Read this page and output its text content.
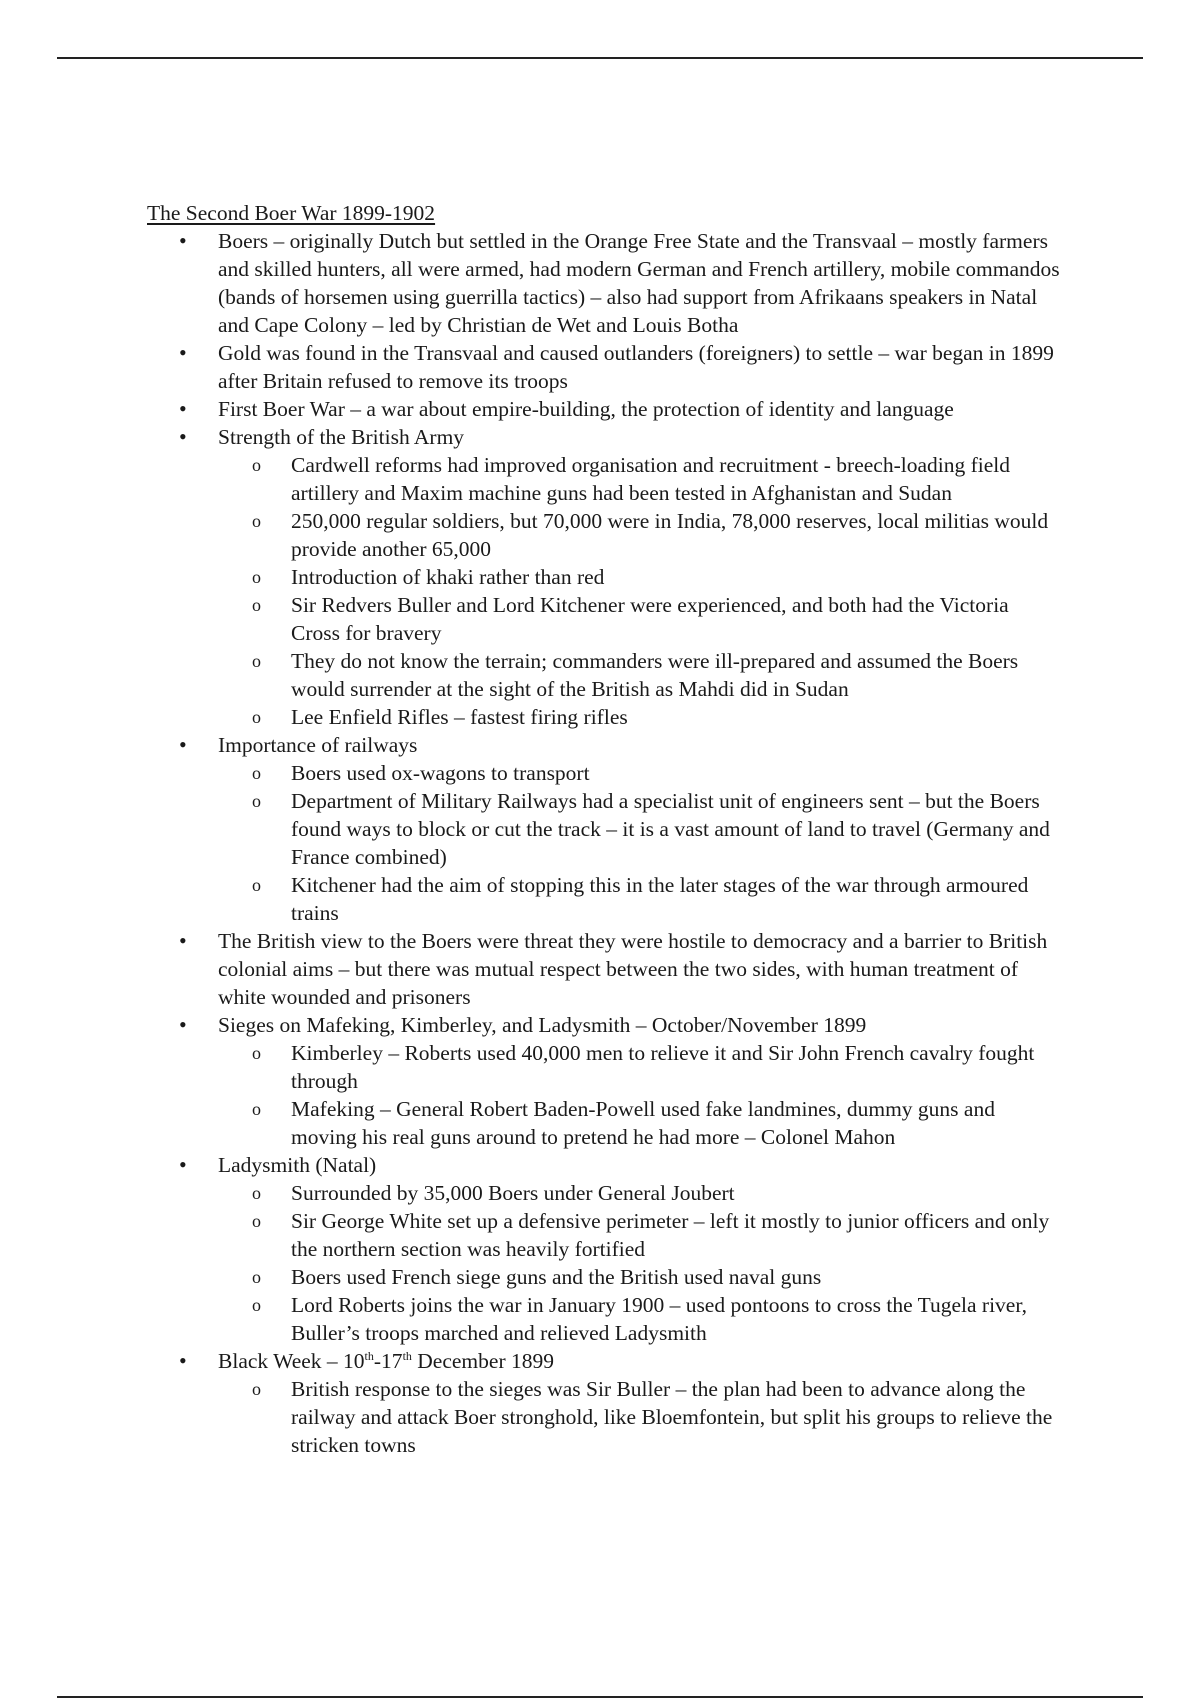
The Second Boer War 1899-1902
• Boers – originally Dutch but settled in the Orange Free State and the Transvaal – mostly farmers and skilled hunters, all were armed, had modern German and French artillery, mobile commandos (bands of horsemen using guerrilla tactics) – also had support from Afrikaans speakers in Natal and Cape Colony – led by Christian de Wet and Louis Botha
• Gold was found in the Transvaal and caused outlanders (foreigners) to settle – war began in 1899 after Britain refused to remove its troops
• First Boer War – a war about empire-building, the protection of identity and language
• Strength of the British Army
o Cardwell reforms had improved organisation and recruitment - breech-loading field artillery and Maxim machine guns had been tested in Afghanistan and Sudan
o 250,000 regular soldiers, but 70,000 were in India, 78,000 reserves, local militias would provide another 65,000
o Introduction of khaki rather than red
o Sir Redvers Buller and Lord Kitchener were experienced, and both had the Victoria Cross for bravery
o They do not know the terrain; commanders were ill-prepared and assumed the Boers would surrender at the sight of the British as Mahdi did in Sudan
o Lee Enfield Rifles – fastest firing rifles
• Importance of railways
o Boers used ox-wagons to transport
o Department of Military Railways had a specialist unit of engineers sent – but the Boers found ways to block or cut the track – it is a vast amount of land to travel (Germany and France combined)
o Kitchener had the aim of stopping this in the later stages of the war through armoured trains
• The British view to the Boers were threat they were hostile to democracy and a barrier to British colonial aims – but there was mutual respect between the two sides, with human treatment of white wounded and prisoners
• Sieges on Mafeking, Kimberley, and Ladysmith – October/November 1899
o Kimberley – Roberts used 40,000 men to relieve it and Sir John French cavalry fought through
o Mafeking – General Robert Baden-Powell used fake landmines, dummy guns and moving his real guns around to pretend he had more – Colonel Mahon
• Ladysmith (Natal)
o Surrounded by 35,000 Boers under General Joubert
o Sir George White set up a defensive perimeter – left it mostly to junior officers and only the northern section was heavily fortified
o Boers used French siege guns and the British used naval guns
o Lord Roberts joins the war in January 1900 – used pontoons to cross the Tugela river, Buller’s troops marched and relieved Ladysmith
• Black Week – 10th-17th December 1899
o British response to the sieges was Sir Buller – the plan had been to advance along the railway and attack Boer stronghold, like Bloemfontein, but split his groups to relieve the stricken towns
